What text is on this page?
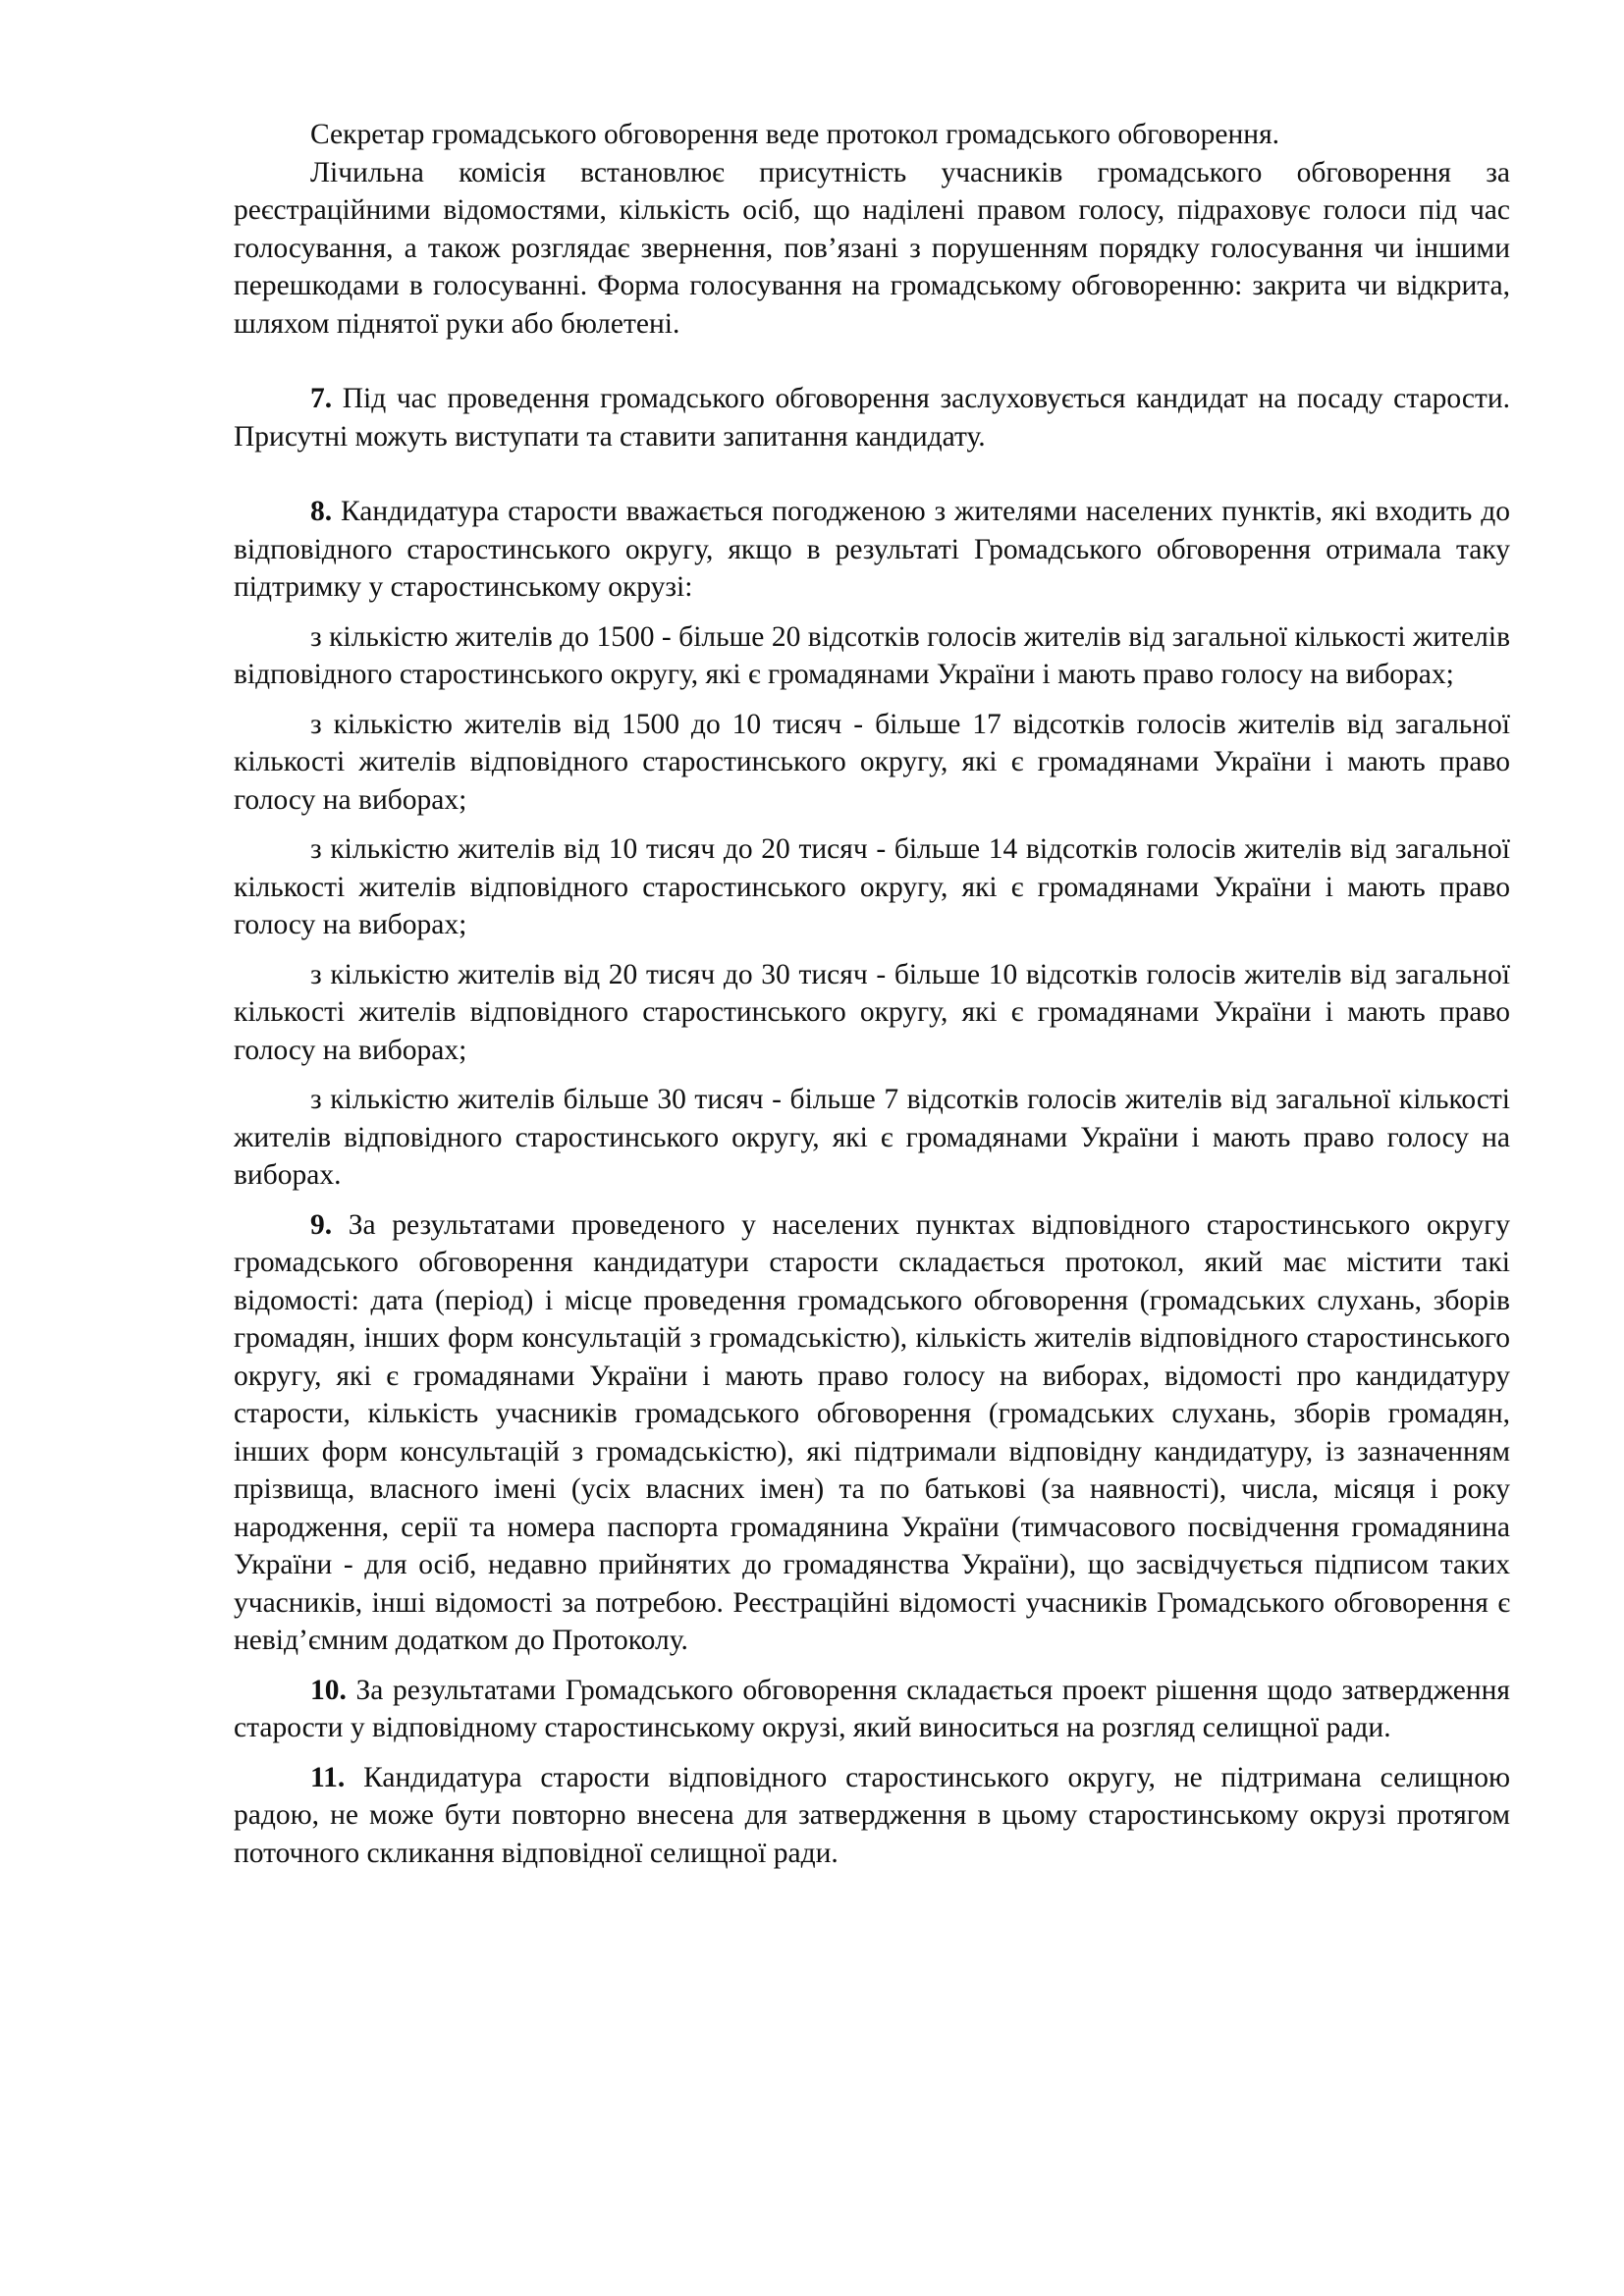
Секретар громадського обговорення веде протокол громадського обговорення.

Лічильна комісія встановлює присутність учасників громадського обговорення за реєстраційними відомостями, кількість осіб, що наділені правом голосу, підраховує голоси під час голосування, а також розглядає звернення, пов’язані з порушенням порядку голосування чи іншими перешкодами в голосуванні. Форма голосування на громадському обговоренню: закрита чи відкрита, шляхом піднятої руки або бюлетені.

7. Під час проведення громадського обговорення заслуховується кандидат на посаду старости. Присутні можуть виступати та ставити запитання кандидату.

8. Кандидатура старости вважається погодженою з жителями населених пунктів, які входить до відповідного старостинського округу, якщо в результаті Громадського обговорення отримала таку підтримку у старостинському окрузі:

з кількістю жителів до 1500 - більше 20 відсотків голосів жителів від загальної кількості жителів відповідного старостинського округу, які є громадянами України і мають право голосу на виборах;

з кількістю жителів від 1500 до 10 тисяч - більше 17 відсотків голосів жителів від загальної кількості жителів відповідного старостинського округу, які є громадянами України і мають право голосу на виборах;

з кількістю жителів від 10 тисяч до 20 тисяч - більше 14 відсотків голосів жителів від загальної кількості жителів відповідного старостинського округу, які є громадянами України і мають право голосу на виборах;

з кількістю жителів від 20 тисяч до 30 тисяч - більше 10 відсотків голосів жителів від загальної кількості жителів відповідного старостинського округу, які є громадянами України і мають право голосу на виборах;

з кількістю жителів більше 30 тисяч - більше 7 відсотків голосів жителів від загальної кількості жителів відповідного старостинського округу, які є громадянами України і мають право голосу на виборах.

9. За результатами проведеного у населених пунктах відповідного старостинського округу громадського обговорення кандидатури старости складається протокол, який має містити такі відомості: дата (період) і місце проведення громадського обговорення (громадських слухань, зборів громадян, інших форм консультацій з громадськістю), кількість жителів відповідного старостинського округу, які є громадянами України і мають право голосу на виборах, відомості про кандидатуру старости, кількість учасників громадського обговорення (громадських слухань, зборів громадян, інших форм консультацій з громадськістю), які підтримали відповідну кандидатуру, із зазначенням прізвища, власного імені (усіх власних імен) та по батькові (за наявності), числа, місяця і року народження, серії та номера паспорта громадянина України (тимчасового посвідчення громадянина України - для осіб, недавно прийнятих до громадянства України), що засвідчується підписом таких учасників, інші відомості за потребою. Реєстраційні відомості учасників Громадського обговорення є невід’ємним додатком до Протоколу.

10. За результатами Громадського обговорення складається проект рішення щодо затвердження старости у відповідному старостинському окрузі, який виноситься на розгляд селищної ради.

11. Кандидатура старости відповідного старостинського округу, не підтримана селищною радою, не може бути повторно внесена для затвердження в цьому старостинському окрузі протягом поточного скликання відповідної селищної ради.
